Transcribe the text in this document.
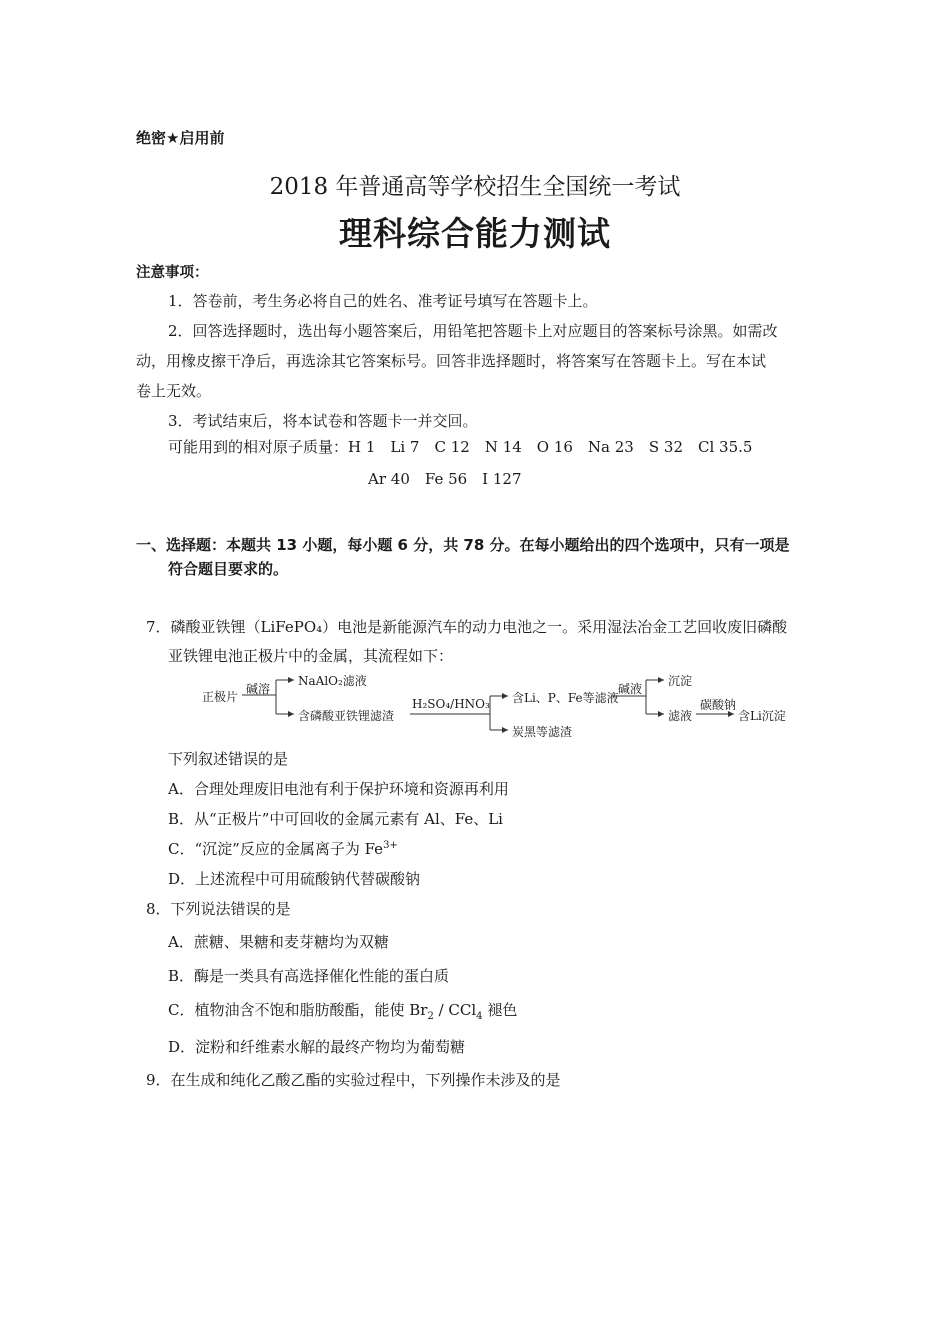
绝密★启用前
2018 年普通高等学校招生全国统一考试
理科综合能力测试
注意事项：
1．答卷前，考生务必将自己的姓名、准考证号填写在答题卡上。
2．回答选择题时，选出每小题答案后，用铅笔把答题卡上对应题目的答案标号涂黑。如需改
动，用橡皮擦干净后，再选涂其它答案标号。回答非选择题时，将答案写在答题卡上。写在本试
卷上无效。
3．考试结束后，将本试卷和答题卡一并交回。
可能用到的相对原子质量：H 1　Li 7　C 12　N 14　O 16　Na 23　S 32　Cl 35.5
Ar 40　Fe 56　I 127
一、选择题：本题共 13 小题，每小题 6 分，共 78 分。在每小题给出的四个选项中，只有一项是
符合题目要求的。
7．磷酸亚铁锂（LiFePO₄）电池是新能源汽车的动力电池之一。采用湿法冶金工艺回收废旧磷酸
亚铁锂电池正极片中的金属，其流程如下：
正极片
碱溶
NaAlO₂滤液
含磷酸亚铁锂滤渣
H₂SO₄/HNO₃ 含Li、P、Fe等滤液
炭黑等滤渣
碱液
沉淀
滤液
碳酸钠
含Li沉淀
下列叙述错误的是
A．合理处理废旧电池有利于保护环境和资源再利用
B．从“正极片”中可回收的金属元素有 Al、Fe、Li
C．“沉淀”反应的金属离子为 $Fe^{3+}$
D．上述流程中可用硫酸钠代替碳酸钠
8．下列说法错误的是
A．蔗糖、果糖和麦芽糖均为双糖
B．酶是一类具有高选择催化性能的蛋白质
C．植物油含不饱和脂肪酸酯，能使 $Br_2 / CCl_4$ 褪色
D．淀粉和纤维素水解的最终产物均为葡萄糖
9．在生成和纯化乙酸乙酯的实验过程中，下列操作未涉及的是
